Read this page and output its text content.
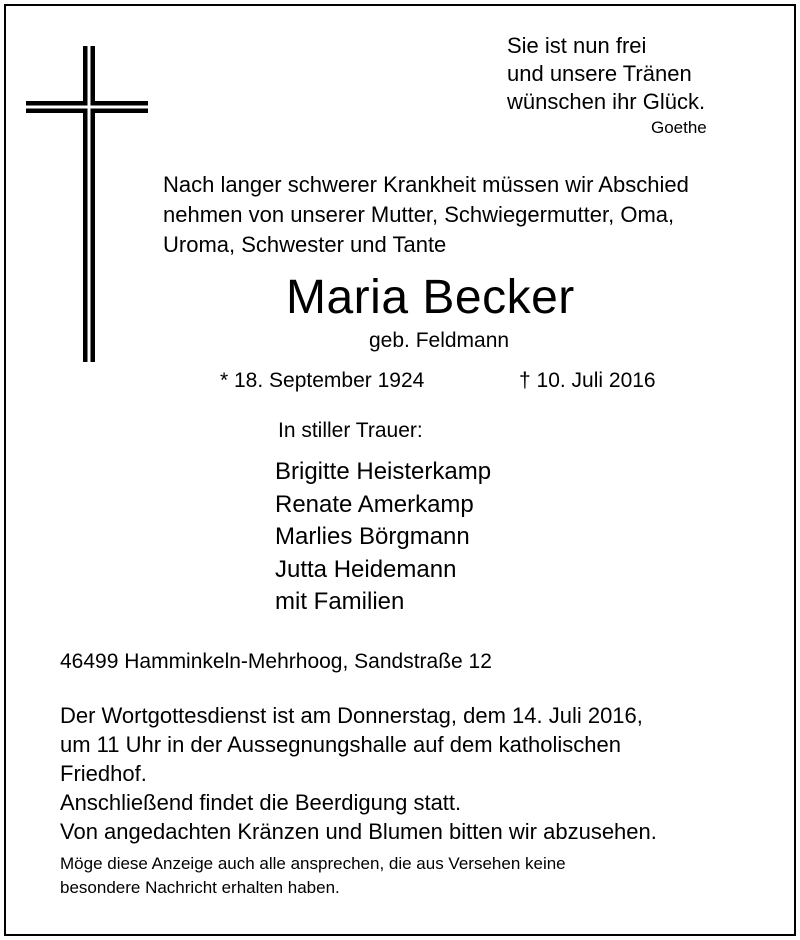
Sie ist nun frei
und unsere Tränen
wünschen ihr Glück.
Goethe
Nach langer schwerer Krankheit müssen wir Abschied
nehmen von unserer Mutter, Schwiegermutter, Oma,
Uroma, Schwester und Tante
Maria Becker
geb. Feldmann
* 18. September 1924	† 10. Juli 2016
In stiller Trauer:
Brigitte Heisterkamp
Renate Amerkamp
Marlies Börgmann
Jutta Heidemann
mit Familien
46499 Hamminkeln-Mehrhoog, Sandstraße 12
Der Wortgottesdienst ist am Donnerstag, dem 14. Juli 2016,
um 11 Uhr in der Aussegnungshalle auf dem katholischen
Friedhof.
Anschließend findet die Beerdigung statt.
Von angedachten Kränzen und Blumen bitten wir abzusehen.
Möge diese Anzeige auch alle ansprechen, die aus Versehen keine
besondere Nachricht erhalten haben.
